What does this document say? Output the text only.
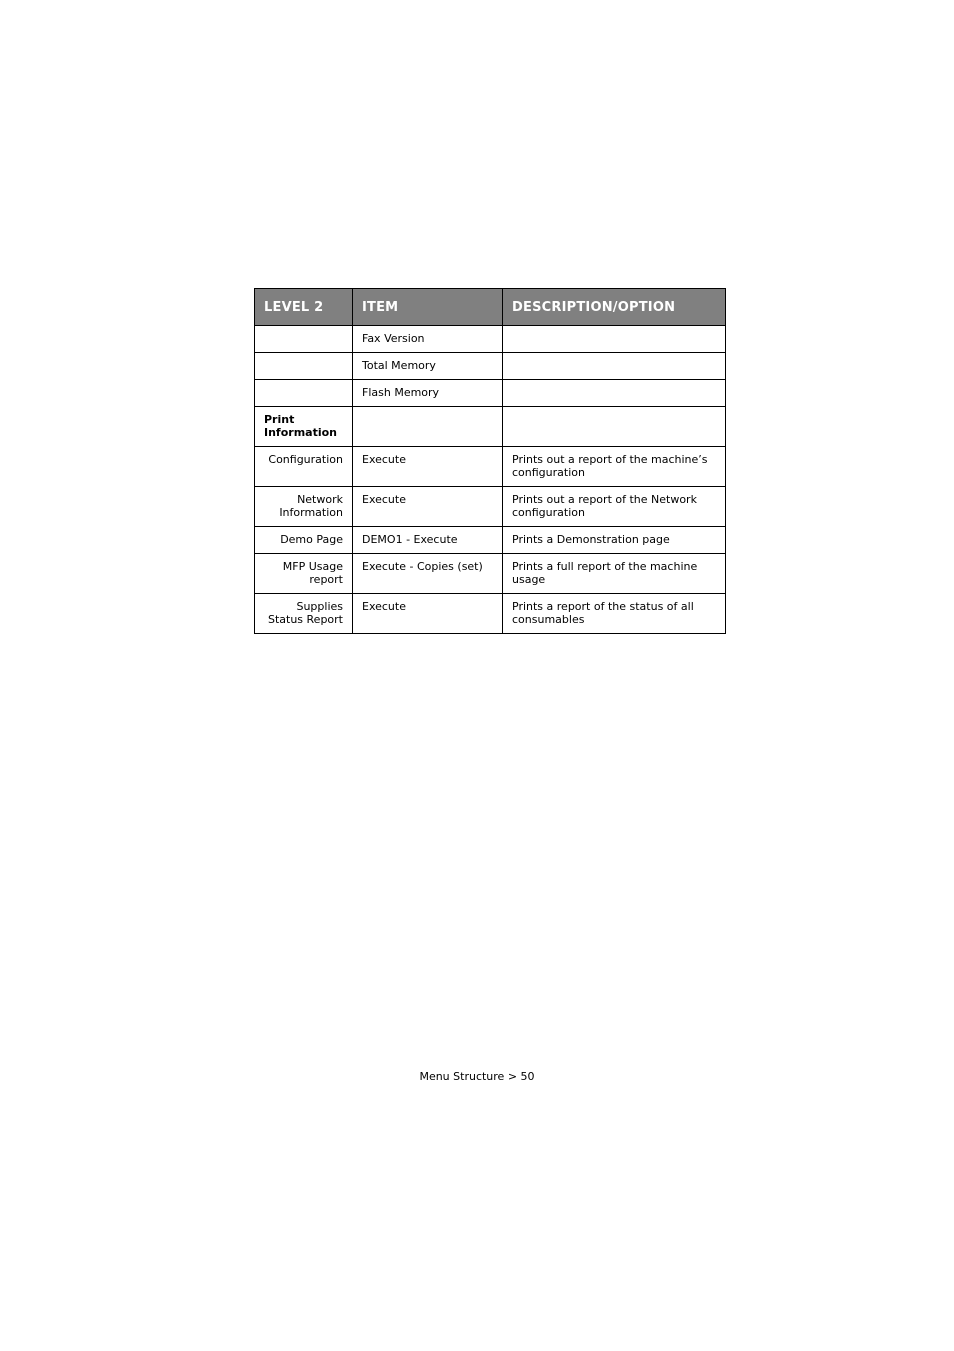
LEVEL 2	ITEM	DESCRIPTION/OPTION
	Fax Version	
	Total Memory	
	Flash Memory	
Print Information		
Configuration	Execute	Prints out a report of the machine’s configuration
Network Information	Execute	Prints out a report of the Network configuration
Demo Page	DEMO1 - Execute	Prints a Demonstration page
MFP Usage report	Execute - Copies (set)	Prints a full report of the machine usage
Supplies Status Report	Execute	Prints a report of the status of all consumables
Menu Structure > 50
